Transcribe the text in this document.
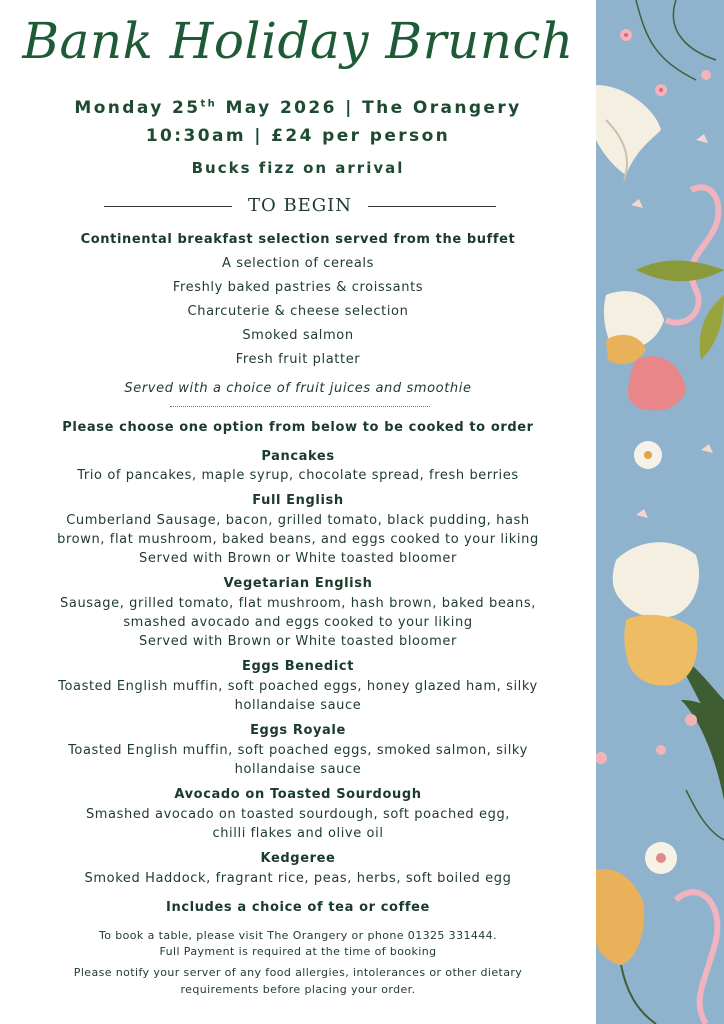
Bank Holiday Brunch
Monday 25th May 2026 | The Orangery
10:30am | £24 per person
Bucks fizz on arrival
TO BEGIN
Continental breakfast selection served from the buffet
A selection of cereals
Freshly baked pastries & croissants
Charcuterie & cheese selection
Smoked salmon
Fresh fruit platter
Served with a choice of fruit juices and smoothie
Please choose one option from below to be cooked to order
Pancakes
Trio of pancakes, maple syrup, chocolate spread, fresh berries
Full English
Cumberland Sausage, bacon, grilled tomato, black pudding, hash
brown, flat mushroom, baked beans, and eggs cooked to your liking
Served with Brown or White toasted bloomer
Vegetarian English
Sausage, grilled tomato, flat mushroom, hash brown, baked beans,
smashed avocado and eggs cooked to your liking
Served with Brown or White toasted bloomer
Eggs Benedict
Toasted English muffin, soft poached eggs, honey glazed ham, silky
hollandaise sauce
Eggs Royale
Toasted English muffin, soft poached eggs, smoked salmon, silky
hollandaise sauce
Avocado on Toasted Sourdough
Smashed avocado on toasted sourdough, soft poached egg,
chilli flakes and olive oil
Kedgeree
Smoked Haddock, fragrant rice, peas, herbs, soft boiled egg
Includes a choice of tea or coffee
To book a table, please visit The Orangery or phone 01325 331444.
Full Payment is required at the time of booking
Please notify your server of any food allergies, intolerances or other dietary
requirements before placing your order.
